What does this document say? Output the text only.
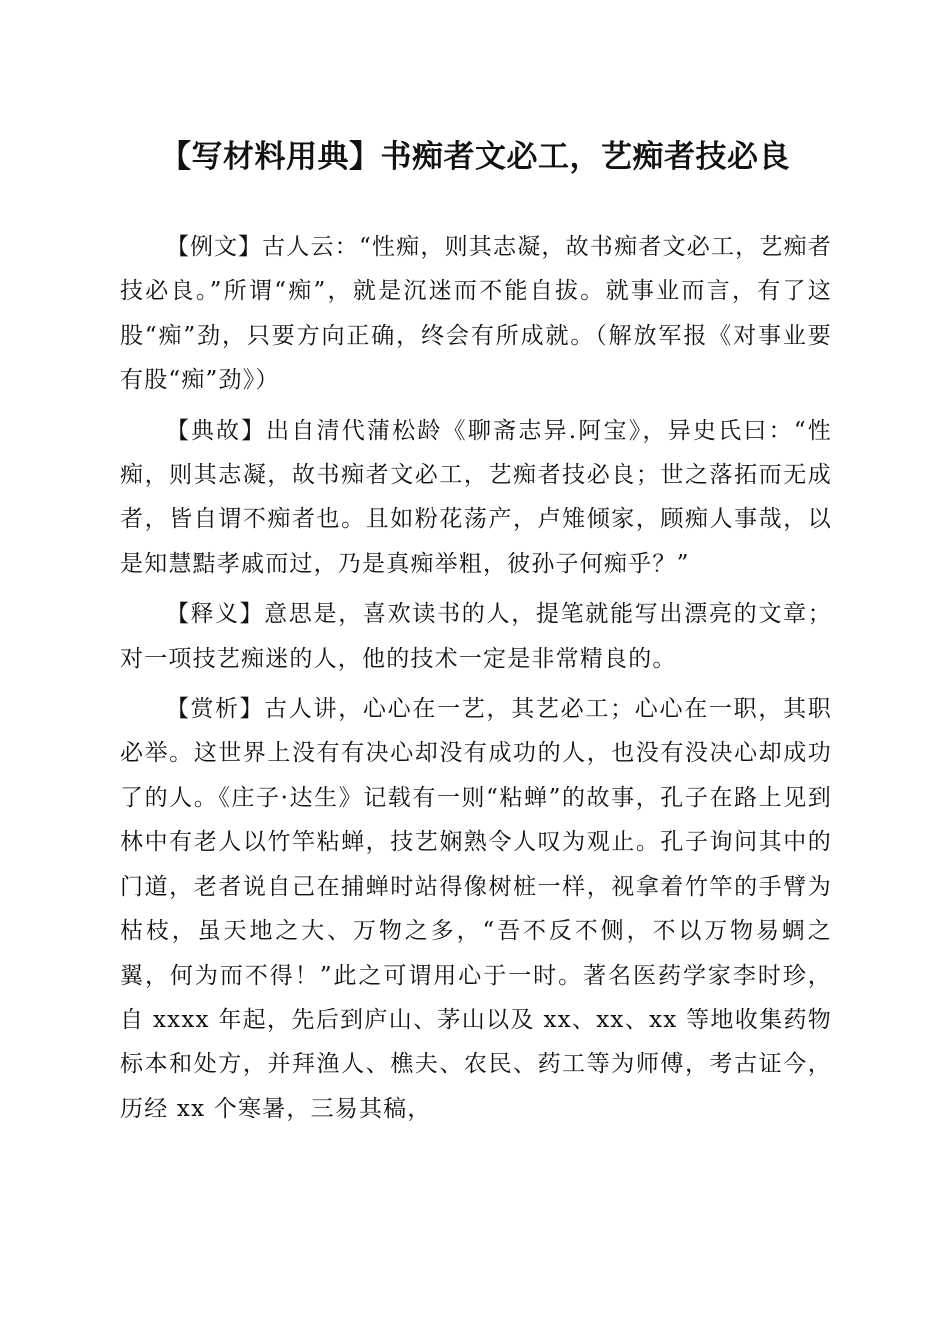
【写材料用典】书痴者文必工，艺痴者技必良

【例文】古人云：“性痴，则其志凝，故书痴者文必工，艺痴者技必良。”所谓“痴”，就是沉迷而不能自拔。就事业而言，有了这股“痴”劲，只要方向正确，终会有所成就。（解放军报《对事业要有股“痴”劲》）

【典故】出自清代蒲松龄《聊斋志异.阿宝》，异史氏曰：“性痴，则其志凝，故书痴者文必工，艺痴者技必良；世之落拓而无成者，皆自谓不痴者也。且如粉花荡产，卢雉倾家，顾痴人事哉，以是知慧黠孝戚而过，乃是真痴举粗，彼孙子何痴乎？”

【释义】意思是，喜欢读书的人，提笔就能写出漂亮的文章；对一项技艺痴迷的人，他的技术一定是非常精良的。

【赏析】古人讲，心心在一艺，其艺必工；心心在一职，其职必举。这世界上没有有决心却没有成功的人，也没有没决心却成功了的人。《庄子·达生》记载有一则“粘蝉”的故事，孔子在路上见到林中有老人以竹竿粘蝉，技艺娴熟令人叹为观止。孔子询问其中的门道，老者说自己在捕蝉时站得像树桩一样，视拿着竹竿的手臂为枯枝，虽天地之大、万物之多，“吾不反不侧，不以万物易蜩之翼，何为而不得！”此之可谓用心于一时。著名医药学家李时珍，自 xxxx 年起，先后到庐山、茅山以及 xx、xx、xx 等地收集药物标本和处方，并拜渔人、樵夫、农民、药工等为师傅，考古证今，历经 xx 个寒暑，三易其稿，
